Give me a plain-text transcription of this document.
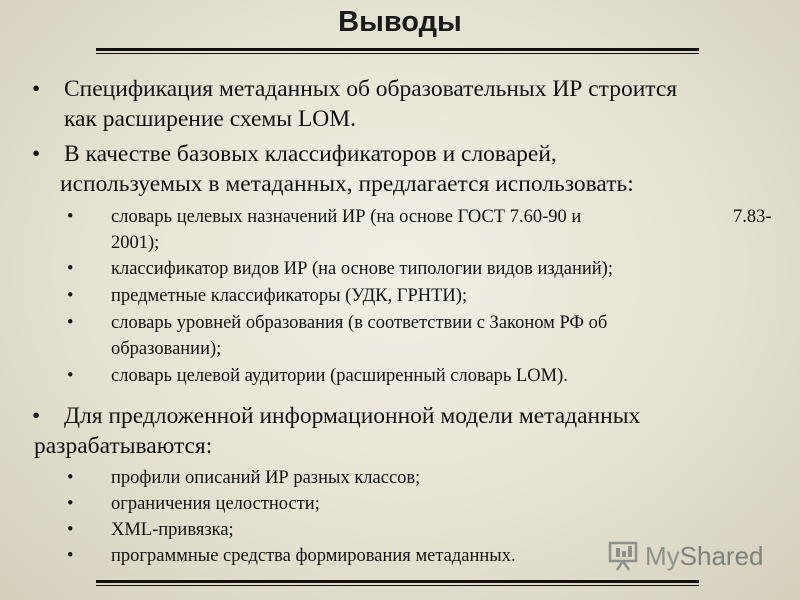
Выводы
• Спецификация метаданных об образовательных ИР строится
как расширение схемы LOM.
• В качестве базовых классификаторов и словарей,
используемых в метаданных, предлагается использовать:
• словарь целевых назначений ИР (на основе ГОСТ 7.60-90 и	7.83-
2001);
• классификатор видов ИР (на основе типологии видов изданий);
• предметные классификаторы (УДК, ГРНТИ);
• словарь уровней образования (в соответствии с Законом РФ об
образовании);
• словарь целевой аудитории (расширенный словарь LOM).
• Для предложенной информационной модели метаданных
разрабатываются:
• профили описаний ИР разных классов;
• ограничения целостности;
• XML-привязка;
• программные средства формирования метаданных.	My Shared
